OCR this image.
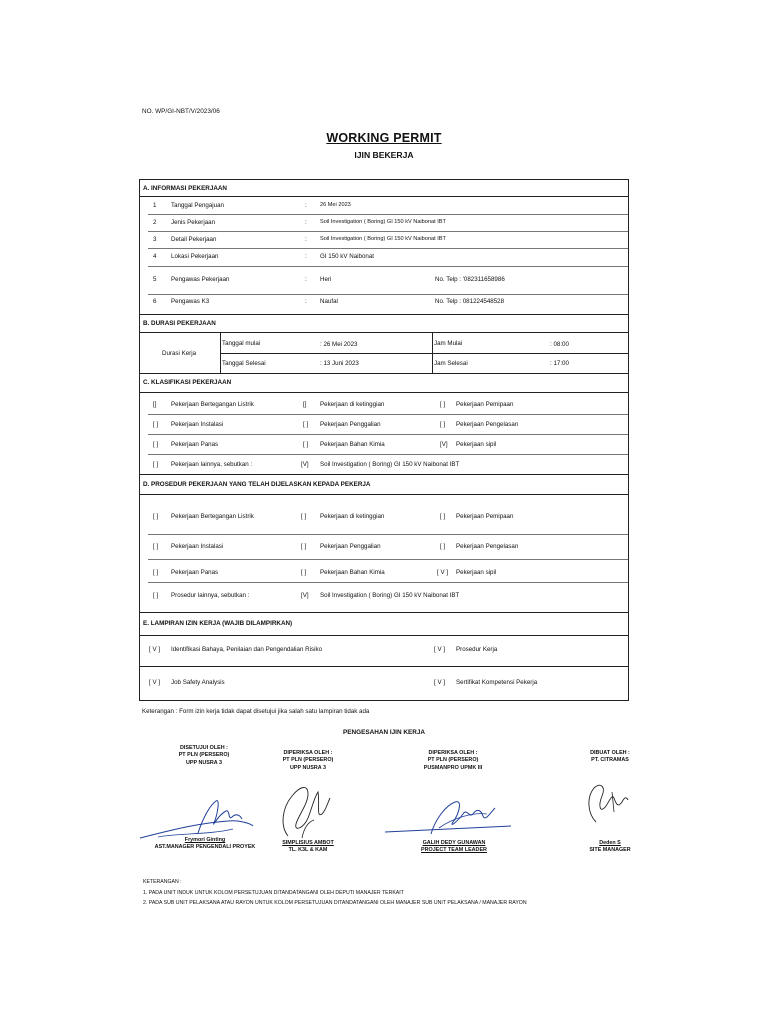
NO. WP/GI-NBT/V/2023/06
WORKING PERMIT
IJIN BEKERJA
A. INFORMASI PEKERJAAN
1 Tanggal Pengajuan	: 26 Mei 2023
2 Jenis Pekerjaan	: Soil Investigation ( Boring) GI 150 kV Naibonat IBT
3 Detail Pekerjaan	: Soil Investigation ( Boring) GI 150 kV Naibonat IBT
4 Lokasi Pekerjaan	: GI 150 kV Naibonat
5 Pengawas Pekerjaan	: Heri	No. Telp : '082311658986
6 Pengawas K3	: Naufal	No. Telp : 081224548528
B. DURASI PEKERJAAN
Durasi Kerja
Tanggal mulai	: 26 Mei 2023	Jam Mulai	: 08:00
Tanggal Selesai	: 13 Juni 2023	Jam Selesai	: 17:00
C. KLASIFIKASI PEKERJAAN
[] Pekerjaan Bertegangan Listrik	[] Pekerjaan di ketinggian	[ ] Pekerjaan Pemipaan
[ ] Pekerjaan Instalasi	[ ] Pekerjaan Penggalian	[ ] Pekerjaan Pengelasan
[ ] Pekerjaan Panas	[ ] Pekerjaan Bahan Kimia	[V] Pekerjaan sipil
[ ] Pekerjaan lainnya, sebutkan :	[V] Soil Investigation ( Boring) GI 150 kV Naibonat IBT
D. PROSEDUR PEKERJAAN YANG TELAH DIJELASKAN KEPADA PEKERJA
[ ] Pekerjaan Bertegangan Listrik	[ ] Pekerjaan di ketinggian	[ ] Pekerjaan Pemipaan
[ ] Pekerjaan Instalasi	[ ] Pekerjaan Penggalian	[ ] Pekerjaan Pengelasan
[ ] Pekerjaan Panas	[ ] Pekerjaan Bahan Kimia	[ V ] Pekerjaan sipil
[ ] Prosedur lainnya, sebutkan :	[V] Soil Investigation ( Boring) GI 150 kV Naibonat IBT
E. LAMPIRAN IZIN KERJA (WAJIB DILAMPIRKAN)
[ V ] Identifikasi Bahaya, Penilaian dan Pengendalian Risiko	[ V ] Prosedur Kerja
[ V ] Job Safety Analysis	[ V ] Sertifikat Kompetensi Pekerja
Keterangan : Form izin kerja tidak dapat disetujui jika salah satu lampiran tidak ada
PENGESAHAN IJIN KERJA
DISETUJUI OLEH :
PT PLN (PERSERO)
UPP NUSRA 3
Frymori Ginting
AST.MANAGER PENGENDALI PROYEK
DIPERIKSA OLEH :
PT PLN (PERSERO)
UPP NUSRA 3
SIMPLISIUS AMBOT
TL. K3L & KAM
DIPERIKSA OLEH :
PT PLN (PERSERO)
PUSMANPRO UPMK III
GALIH DEDY GUNAWAN
PROJECT TEAM LEADER
DIBUAT OLEH :
PT. CITRAMAS
Deden S
SITE MANAGER
KETERANGAN :
1. PADA UNIT INDUK UNTUK KOLOM PERSETUJUAN DITANDATANGANI OLEH DEPUTI MANAJER TERKAIT
2. PADA SUB UNIT PELAKSANA ATAU RAYON UNTUK KOLOM PERSETUJUAN DITANDATANGANI OLEH MANAJER SUB UNIT PELAKSANA / MANAJER RAYON
